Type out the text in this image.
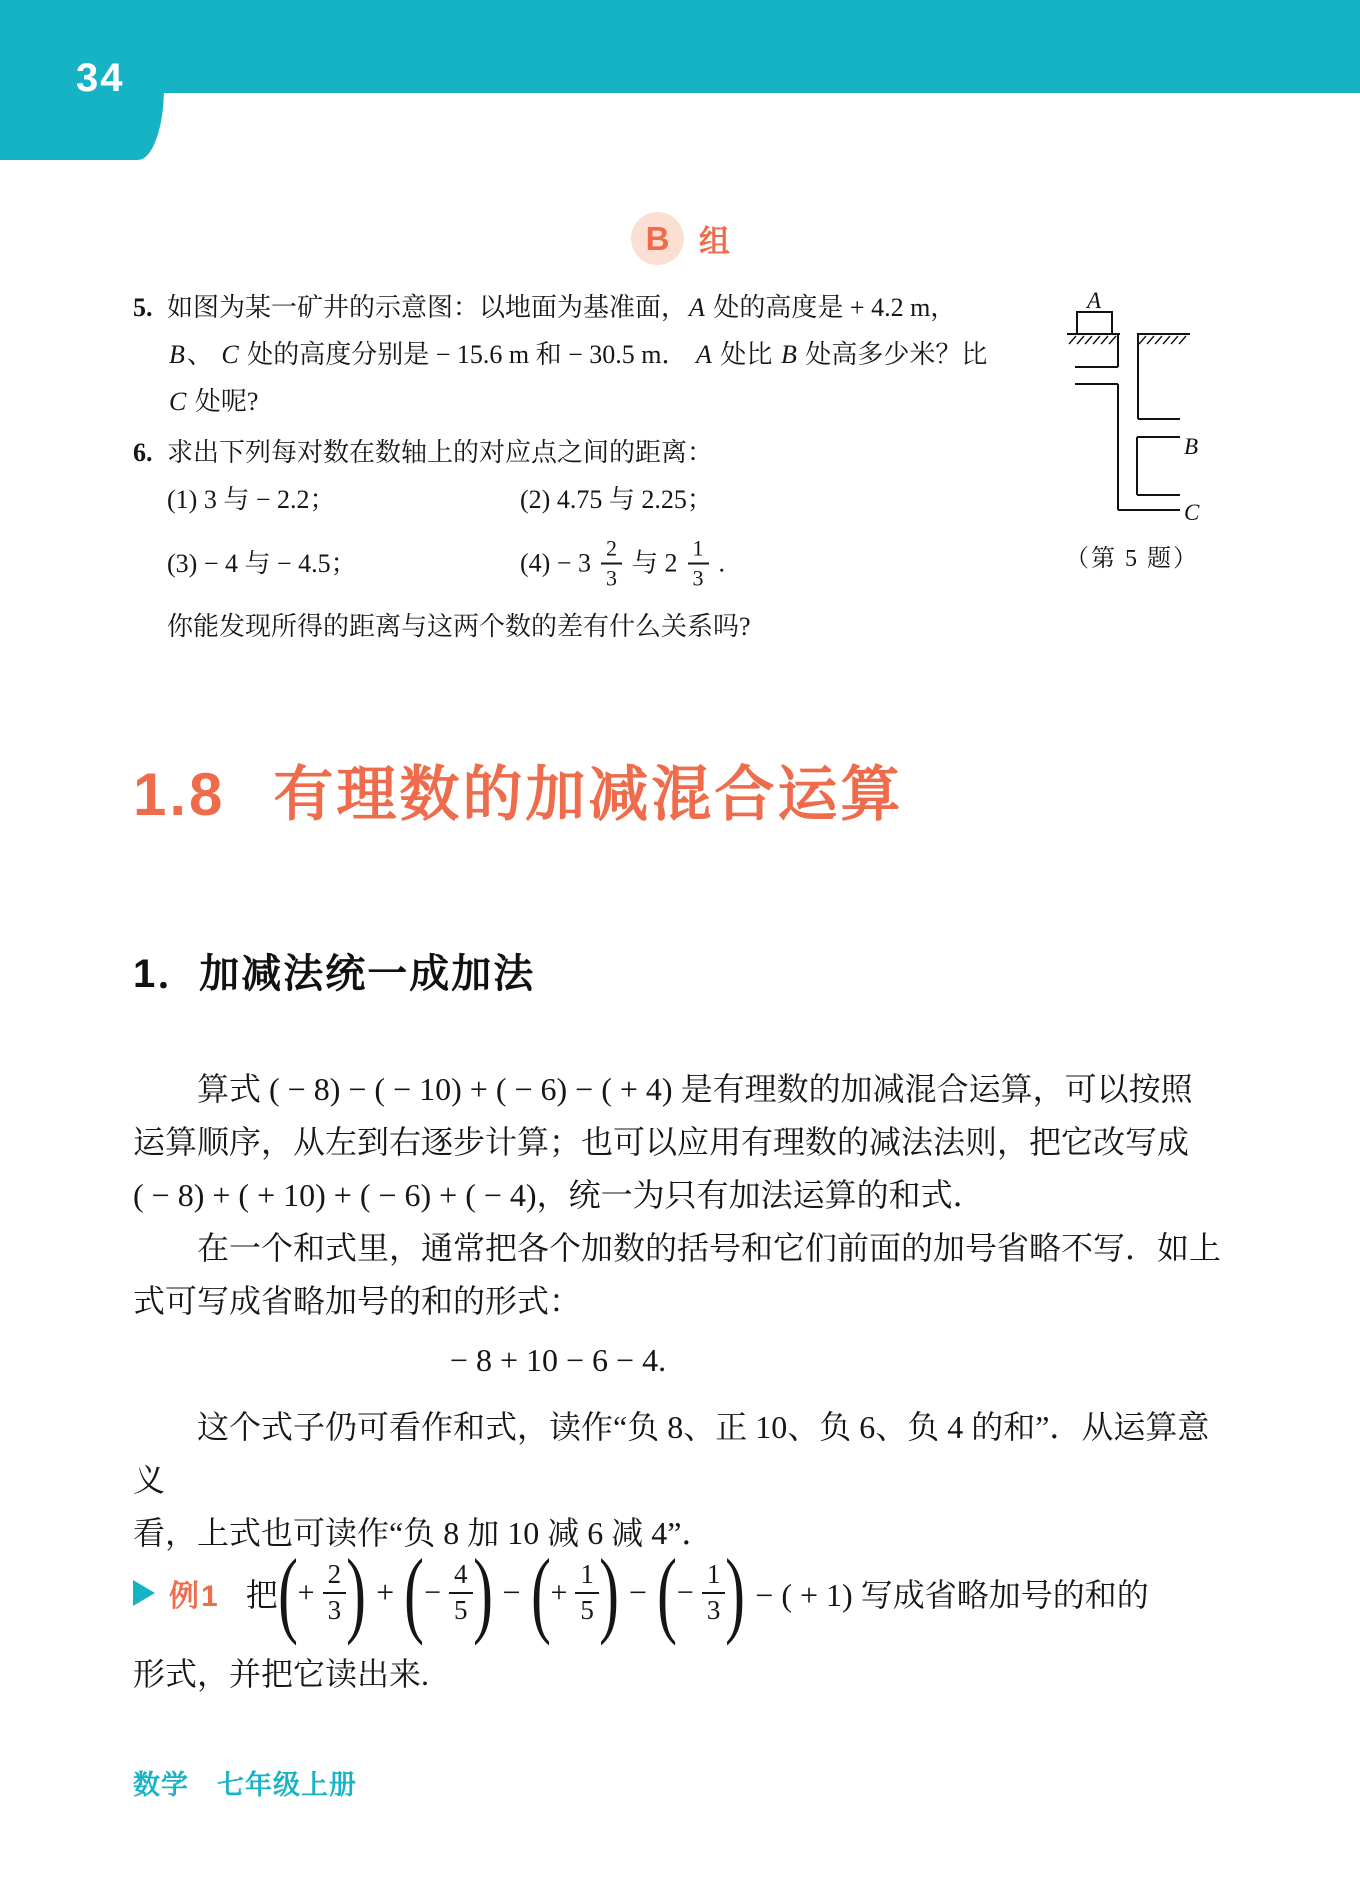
34
B 组
5. 如图为某一矿井的示意图：以地面为基准面，A 处的高度是 + 4.2 m，
B、 C 处的高度分别是 − 15.6 m 和 − 30.5 m． A 处比 B 处高多少米？比
C 处呢?
6. 求出下列每对数在数轴上的对应点之间的距离：
(1) 3 与 − 2.2；	(2) 4.75 与 2.25；
(3) − 4 与 − 4.5；	$(4) - 3 \frac{2}{3}$ 与 $2 \frac{1}{3}$ .
你能发现所得的距离与这两个数的差有什么关系吗?
A
B
C
（第 5 题）
1.8 有理数的加减混合运算
1．加减法统一成加法
算式 ( − 8) − ( − 10) + ( − 6) − ( + 4) 是有理数的加减混合运算，可以按照
运算顺序，从左到右逐步计算；也可以应用有理数的减法法则，把它改写成
( − 8) + ( + 10) + ( − 6) + ( − 4)，统一为只有加法运算的和式．
在一个和式里，通常把各个加数的括号和它们前面的加号省略不写．如上
式可写成省略加号的和的形式：
− 8 + 10 − 6 − 4.
这个式子仍可看作和式，读作“负 8、正 10、负 6、负 4 的和”．从运算意义
看，上式也可读作“负 8 加 10 减 6 减 4”．
例1 把 ( + $\frac{2}{3}$ ) + ( − $\frac{4}{5}$ ) − ( + $\frac{1}{5}$ ) − ( − $\frac{1}{3}$ ) − ( + 1) 写成省略加号的和的
形式，并把它读出来.
数学 七年级上册
